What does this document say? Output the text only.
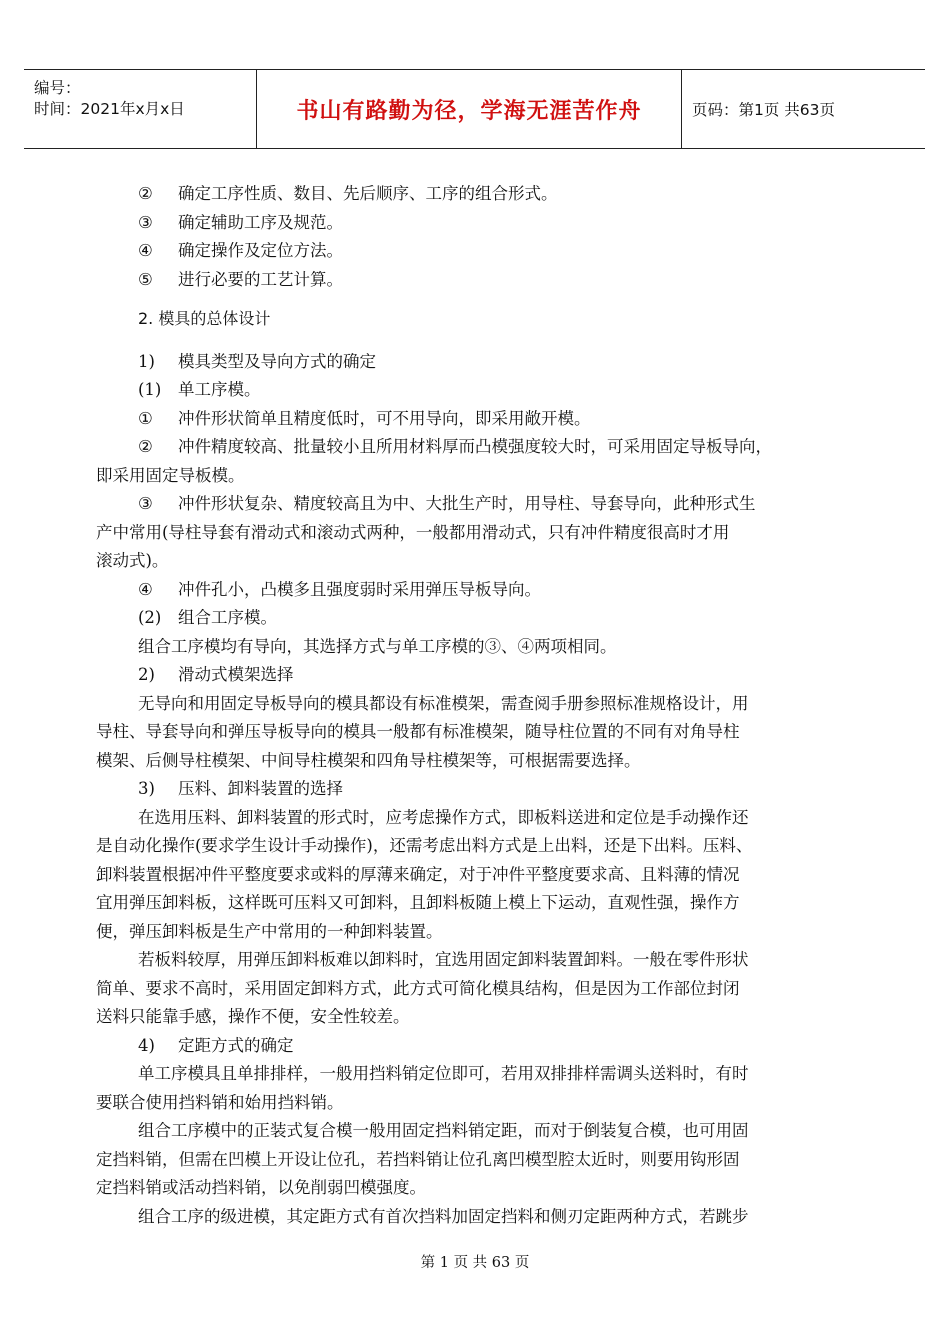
编号：
时间：2021年x月x日	书山有路勤为径，学海无涯苦作舟	页码：第1页 共63页

② 确定工序性质、数目、先后顺序、工序的组合形式。

③ 确定辅助工序及规范。

④ 确定操作及定位方法。

⑤ 进行必要的工艺计算。

2. 模具的总体设计

1) 模具类型及导向方式的确定

(1) 单工序模。

① 冲件形状简单且精度低时，可不用导向，即采用敞开模。

② 冲件精度较高、批量较小且所用材料厚而凸模强度较大时，可采用固定导板导向，

即采用固定导板模。

③ 冲件形状复杂、精度较高且为中、大批生产时，用导柱、导套导向，此种形式生

产中常用(导柱导套有滑动式和滚动式两种，一般都用滑动式，只有冲件精度很高时才用

滚动式)。

④ 冲件孔小，凸模多且强度弱时采用弹压导板导向。

(2) 组合工序模。

组合工序模均有导向，其选择方式与单工序模的③、④两项相同。

2) 滑动式模架选择

无导向和用固定导板导向的模具都设有标准模架，需查阅手册参照标准规格设计，用

导柱、导套导向和弹压导板导向的模具一般都有标准模架，随导柱位置的不同有对角导柱

模架、后侧导柱模架、中间导柱模架和四角导柱模架等，可根据需要选择。

3) 压料、卸料装置的选择

在选用压料、卸料装置的形式时，应考虑操作方式，即板料送进和定位是手动操作还

是自动化操作(要求学生设计手动操作)，还需考虑出料方式是上出料，还是下出料。压料、

卸料装置根据冲件平整度要求或料的厚薄来确定，对于冲件平整度要求高、且料薄的情况

宜用弹压卸料板，这样既可压料又可卸料，且卸料板随上模上下运动，直观性强，操作方

便，弹压卸料板是生产中常用的一种卸料装置。

若板料较厚，用弹压卸料板难以卸料时，宜选用固定卸料装置卸料。一般在零件形状

简单、要求不高时，采用固定卸料方式，此方式可简化模具结构，但是因为工作部位封闭

送料只能靠手感，操作不便，安全性较差。

4) 定距方式的确定

单工序模具且单排排样，一般用挡料销定位即可，若用双排排样需调头送料时，有时

要联合使用挡料销和始用挡料销。

组合工序模中的正装式复合模一般用固定挡料销定距，而对于倒装复合模，也可用固

定挡料销，但需在凹模上开设让位孔，若挡料销让位孔离凹模型腔太近时，则要用钩形固

定挡料销或活动挡料销，以免削弱凹模强度。

组合工序的级进模，其定距方式有首次挡料加固定挡料和侧刃定距两种方式，若跳步

第 1 页 共 63 页
